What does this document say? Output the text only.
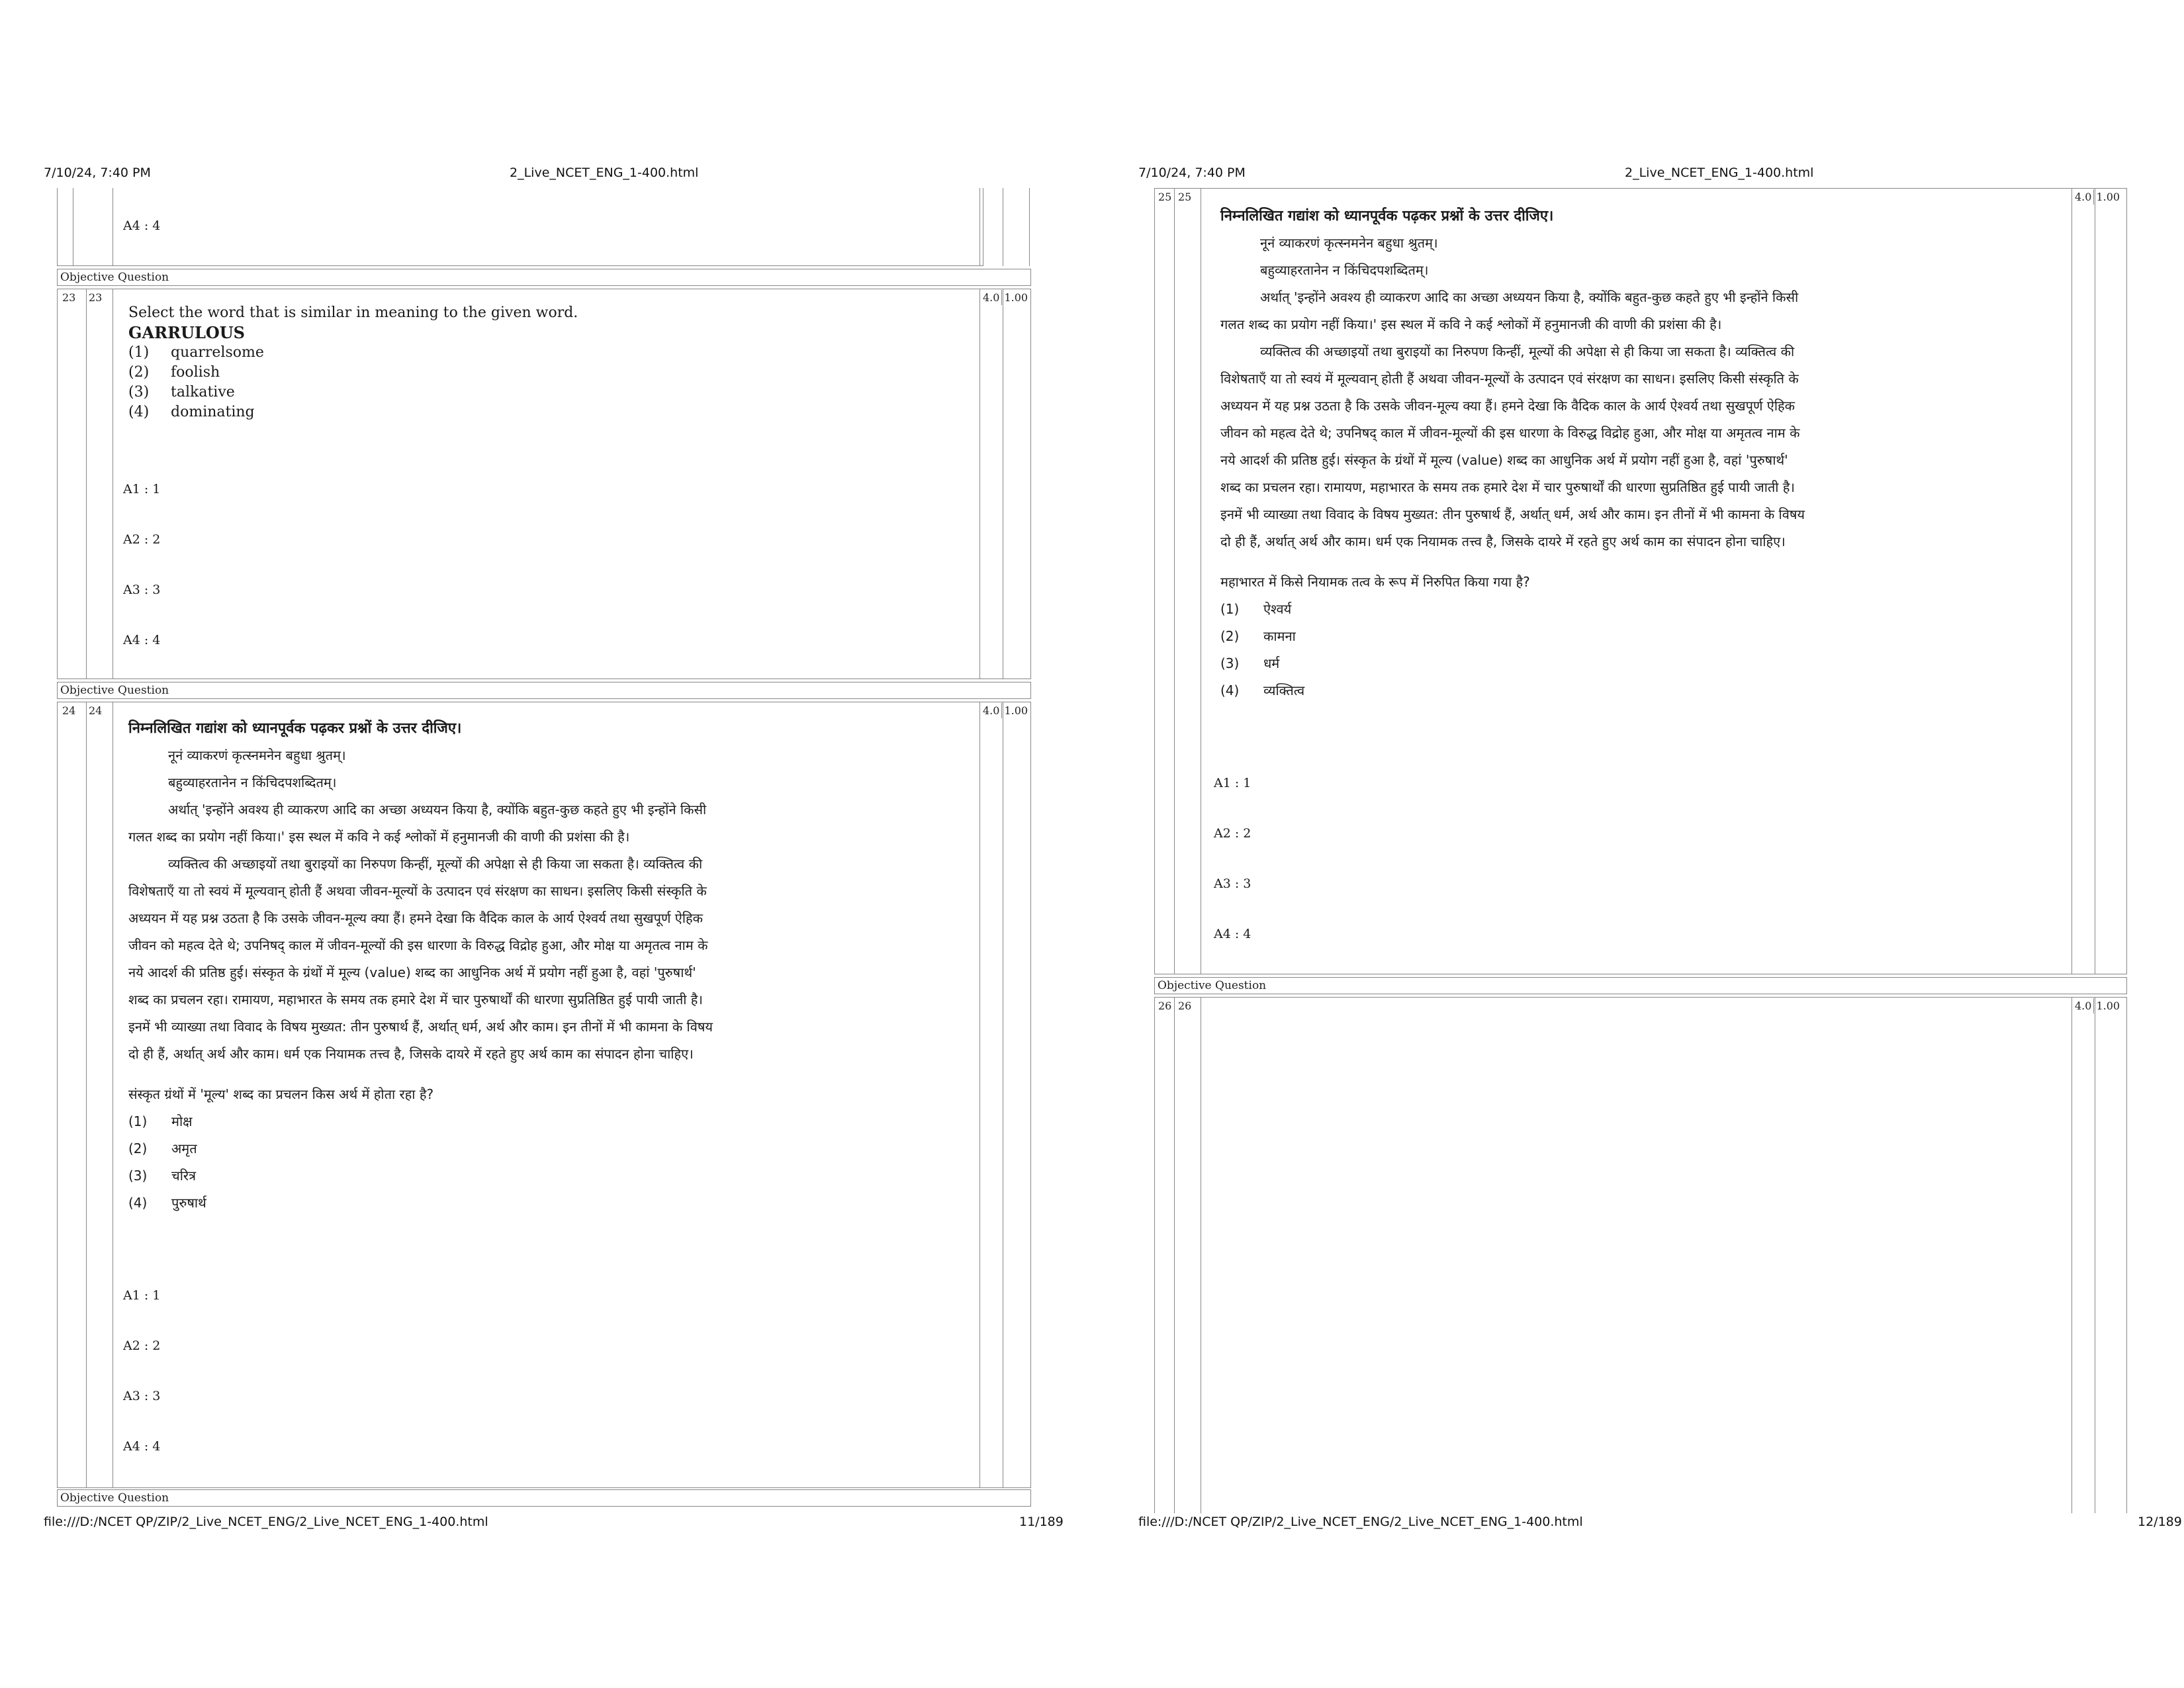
7/10/24, 7:40 PM	2_Live_NCET_ENG_1-400.html
A4 : 4
Objective Question
23 23	4.0 1.00
Select the word that is similar in meaning to the given word.
GARRULOUS
(1)	quarrelsome
(2)	foolish
(3)	talkative
(4)	dominating
A1 : 1
A2 : 2
A3 : 3
A4 : 4
Objective Question
24 24	4.0 1.00
निम्नलिखित गद्यांश को ध्यानपूर्वक पढ़कर प्रश्नों के उत्तर दीजिए।
नूनं व्याकरणं कृत्स्नमनेन बहुधा श्रुतम्।
बहुव्याहरतानेन न किंचिदपशब्दितम्।
अर्थात् 'इन्होंने अवश्य ही व्याकरण आदि का अच्छा अध्ययन किया है, क्योंकि बहुत-कुछ कहते हुए भी इन्होंने किसी
गलत शब्द का प्रयोग नहीं किया।' इस स्थल में कवि ने कई श्लोकों में हनुमानजी की वाणी की प्रशंसा की है।
व्यक्तित्व की अच्छाइयों तथा बुराइयों का निरुपण किन्हीं, मूल्यों की अपेक्षा से ही किया जा सकता है। व्यक्तित्व की
विशेषताएँ या तो स्वयं में मूल्यवान् होती हैं अथवा जीवन-मूल्यों के उत्पादन एवं संरक्षण का साधन। इसलिए किसी संस्कृति के
अध्ययन में यह प्रश्न उठता है कि उसके जीवन-मूल्य क्या हैं। हमने देखा कि वैदिक काल के आर्य ऐश्वर्य तथा सुखपूर्ण ऐहिक
जीवन को महत्व देते थे; उपनिषद् काल में जीवन-मूल्यों की इस धारणा के विरुद्ध विद्रोह हुआ, और मोक्ष या अमृतत्व नाम के
नये आदर्श की प्रतिष्ठ हुई। संस्कृत के ग्रंथों में मूल्य (value) शब्द का आधुनिक अर्थ में प्रयोग नहीं हुआ है, वहां 'पुरुषार्थ'
शब्द का प्रचलन रहा। रामायण, महाभारत के समय तक हमारे देश में चार पुरुषार्थों की धारणा सुप्रतिष्ठित हुई पायी जाती है।
इनमें भी व्याख्या तथा विवाद के विषय मुख्यत: तीन पुरुषार्थ हैं, अर्थात् धर्म, अर्थ और काम। इन तीनों में भी कामना के विषय
दो ही हैं, अर्थात् अर्थ और काम। धर्म एक नियामक तत्त्व है, जिसके दायरे में रहते हुए अर्थ काम का संपादन होना चाहिए।
संस्कृत ग्रंथों में 'मूल्य' शब्द का प्रचलन किस अर्थ में होता रहा है?
(1)	मोक्ष
(2)	अमृत
(3)	चरित्र
(4)	पुरुषार्थ
A1 : 1
A2 : 2
A3 : 3
A4 : 4
Objective Question
file:///D:/NCET QP/ZIP/2_Live_NCET_ENG/2_Live_NCET_ENG_1-400.html	11/189
7/10/24, 7:40 PM	2_Live_NCET_ENG_1-400.html
25 25	4.0 1.00
निम्नलिखित गद्यांश को ध्यानपूर्वक पढ़कर प्रश्नों के उत्तर दीजिए।
नूनं व्याकरणं कृत्स्नमनेन बहुधा श्रुतम्।
बहुव्याहरतानेन न किंचिदपशब्दितम्।
अर्थात् 'इन्होंने अवश्य ही व्याकरण आदि का अच्छा अध्ययन किया है, क्योंकि बहुत-कुछ कहते हुए भी इन्होंने किसी
गलत शब्द का प्रयोग नहीं किया।' इस स्थल में कवि ने कई श्लोकों में हनुमानजी की वाणी की प्रशंसा की है।
व्यक्तित्व की अच्छाइयों तथा बुराइयों का निरुपण किन्हीं, मूल्यों की अपेक्षा से ही किया जा सकता है। व्यक्तित्व की
विशेषताएँ या तो स्वयं में मूल्यवान् होती हैं अथवा जीवन-मूल्यों के उत्पादन एवं संरक्षण का साधन। इसलिए किसी संस्कृति के
अध्ययन में यह प्रश्न उठता है कि उसके जीवन-मूल्य क्या हैं। हमने देखा कि वैदिक काल के आर्य ऐश्वर्य तथा सुखपूर्ण ऐहिक
जीवन को महत्व देते थे; उपनिषद् काल में जीवन-मूल्यों की इस धारणा के विरुद्ध विद्रोह हुआ, और मोक्ष या अमृतत्व नाम के
नये आदर्श की प्रतिष्ठ हुई। संस्कृत के ग्रंथों में मूल्य (value) शब्द का आधुनिक अर्थ में प्रयोग नहीं हुआ है, वहां 'पुरुषार्थ'
शब्द का प्रचलन रहा। रामायण, महाभारत के समय तक हमारे देश में चार पुरुषार्थों की धारणा सुप्रतिष्ठित हुई पायी जाती है।
इनमें भी व्याख्या तथा विवाद के विषय मुख्यत: तीन पुरुषार्थ हैं, अर्थात् धर्म, अर्थ और काम। इन तीनों में भी कामना के विषय
दो ही हैं, अर्थात् अर्थ और काम। धर्म एक नियामक तत्त्व है, जिसके दायरे में रहते हुए अर्थ काम का संपादन होना चाहिए।
महाभारत में किसे नियामक तत्व के रूप में निरुपित किया गया है?
(1)	ऐश्वर्य
(2)	कामना
(3)	धर्म
(4)	व्यक्तित्व
A1 : 1
A2 : 2
A3 : 3
A4 : 4
Objective Question
26 26	4.0 1.00
file:///D:/NCET QP/ZIP/2_Live_NCET_ENG/2_Live_NCET_ENG_1-400.html	12/189
